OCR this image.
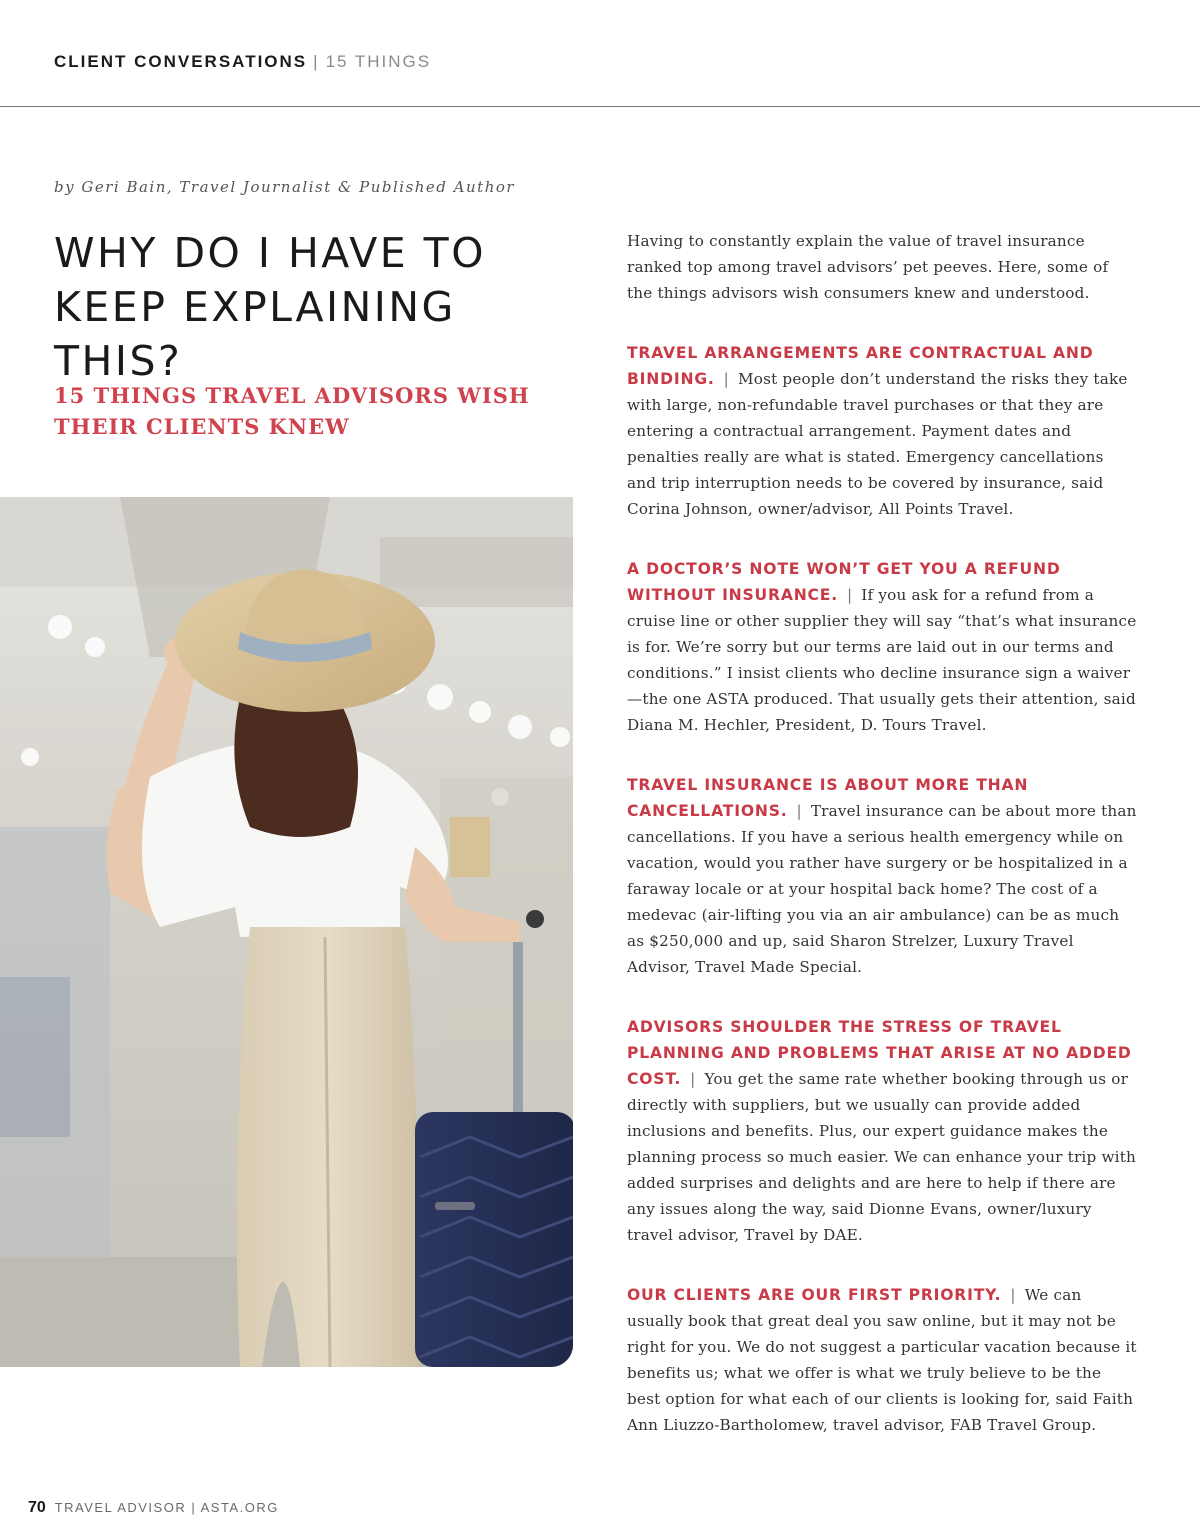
CLIENT CONVERSATIONS | 15 THINGS
by Geri Bain, Travel Journalist & Published Author
WHY DO I HAVE TO KEEP EXPLAINING THIS?
15 THINGS TRAVEL ADVISORS WISH THEIR CLIENTS KNEW

Having to constantly explain the value of travel insurance ranked top among travel advisors’ pet peeves. Here, some of the things advisors wish consumers knew and understood.

TRAVEL ARRANGEMENTS ARE CONTRACTUAL AND BINDING. | Most people don’t understand the risks they take with large, non-refundable travel purchases or that they are entering a contractual arrangement. Payment dates and penalties really are what is stated. Emergency cancellations and trip interruption needs to be covered by insurance, said Corina Johnson, owner/advisor, All Points Travel.

A DOCTOR’S NOTE WON’T GET YOU A REFUND WITHOUT INSURANCE. | If you ask for a refund from a cruise line or other supplier they will say “that’s what insurance is for. We’re sorry but our terms are laid out in our terms and conditions.” I insist clients who decline insurance sign a waiver—the one ASTA produced. That usually gets their attention, said Diana M. Hechler, President, D. Tours Travel.

TRAVEL INSURANCE IS ABOUT MORE THAN CANCELLATIONS. | Travel insurance can be about more than cancellations. If you have a serious health emergency while on vacation, would you rather have surgery or be hospitalized in a faraway locale or at your hospital back home? The cost of a medevac (air-lifting you via an air ambulance) can be as much as $250,000 and up, said Sharon Strelzer, Luxury Travel Advisor, Travel Made Special.

ADVISORS SHOULDER THE STRESS OF TRAVEL PLANNING AND PROBLEMS THAT ARISE AT NO ADDED COST. | You get the same rate whether booking through us or directly with suppliers, but we usually can provide added inclusions and benefits. Plus, our expert guidance makes the planning process so much easier. We can enhance your trip with added surprises and delights and are here to help if there are any issues along the way, said Dionne Evans, owner/luxury travel advisor, Travel by DAE.

OUR CLIENTS ARE OUR FIRST PRIORITY. | We can usually book that great deal you saw online, but it may not be right for you. We do not suggest a particular vacation because it benefits us; what we offer is what we truly believe to be the best option for what each of our clients is looking for, said Faith Ann Liuzzo-Bartholomew, travel advisor, FAB Travel Group.

70 TRAVEL ADVISOR | ASTA.ORG
